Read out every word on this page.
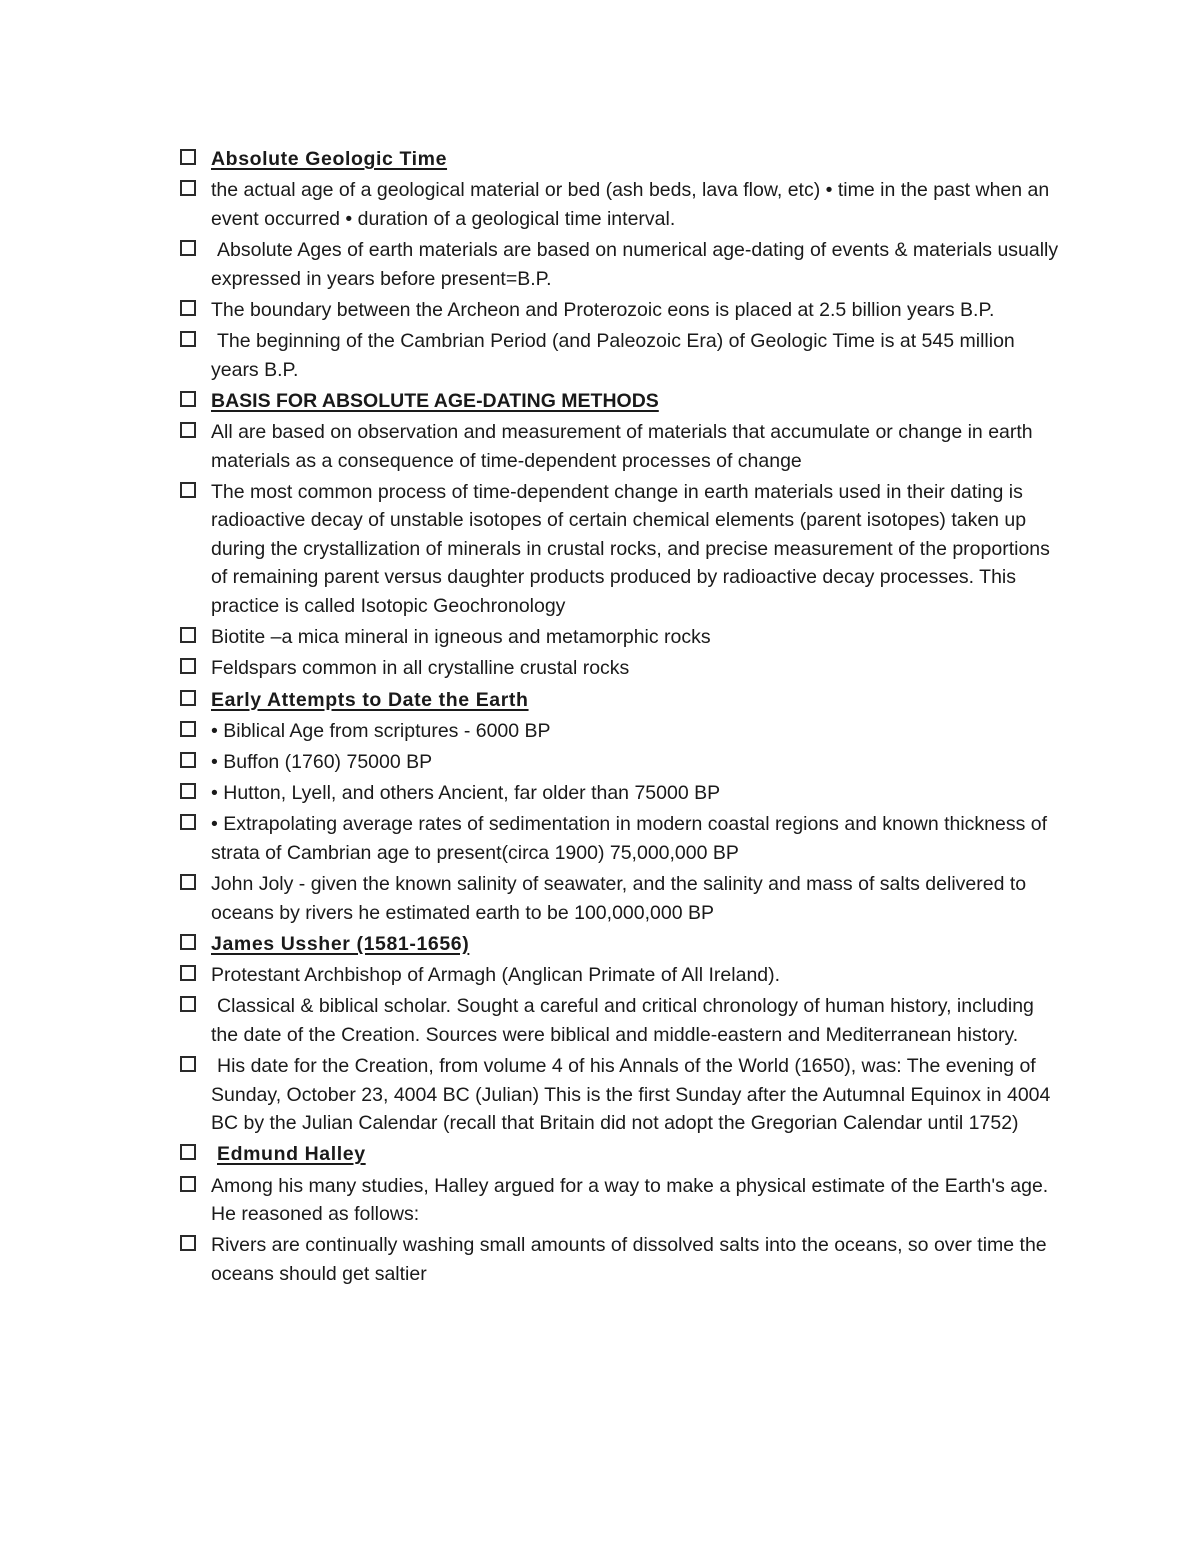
Absolute Geologic Time
the actual age of a geological material or bed (ash beds, lava flow, etc) • time in the past when an event occurred • duration of a geological time interval.
Absolute Ages of earth materials are based on numerical age-dating of events & materials usually expressed in years before present=B.P.
The boundary between the Archeon and Proterozoic eons is placed at 2.5 billion years B.P.
The beginning of the Cambrian Period (and Paleozoic Era) of Geologic Time is at 545 million years B.P.
BASIS FOR ABSOLUTE AGE-DATING METHODS
All are based on observation and measurement of materials that accumulate or change in earth materials as a consequence of time-dependent processes of change
The most common process of time-dependent change in earth materials used in their dating is radioactive decay of unstable isotopes of certain chemical elements (parent isotopes) taken up during the crystallization of minerals in crustal rocks, and precise measurement of the proportions of remaining parent versus daughter products produced by radioactive decay processes. This practice is called Isotopic Geochronology
Biotite –a mica mineral in igneous and metamorphic rocks
Feldspars common in all crystalline crustal rocks
Early Attempts to Date the Earth
• Biblical Age from scriptures - 6000 BP
• Buffon (1760) 75000 BP
• Hutton, Lyell, and others Ancient, far older than 75000 BP
• Extrapolating average rates of sedimentation in modern coastal regions and known thickness of strata of Cambrian age to present(circa 1900) 75,000,000 BP
John Joly - given the known salinity of seawater, and the salinity and mass of salts delivered to oceans by rivers he estimated earth to be 100,000,000 BP
James Ussher (1581-1656)
Protestant Archbishop of Armagh (Anglican Primate of All Ireland).
Classical & biblical scholar. Sought a careful and critical chronology of human history, including the date of the Creation. Sources were biblical and middle-eastern and Mediterranean history.
His date for the Creation, from volume 4 of his Annals of the World (1650), was: The evening of Sunday, October 23, 4004 BC (Julian) This is the first Sunday after the Autumnal Equinox in 4004 BC by the Julian Calendar (recall that Britain did not adopt the Gregorian Calendar until 1752)
Edmund Halley
Among his many studies, Halley argued for a way to make a physical estimate of the Earth's age. He reasoned as follows:
Rivers are continually washing small amounts of dissolved salts into the oceans, so over time the oceans should get saltier
